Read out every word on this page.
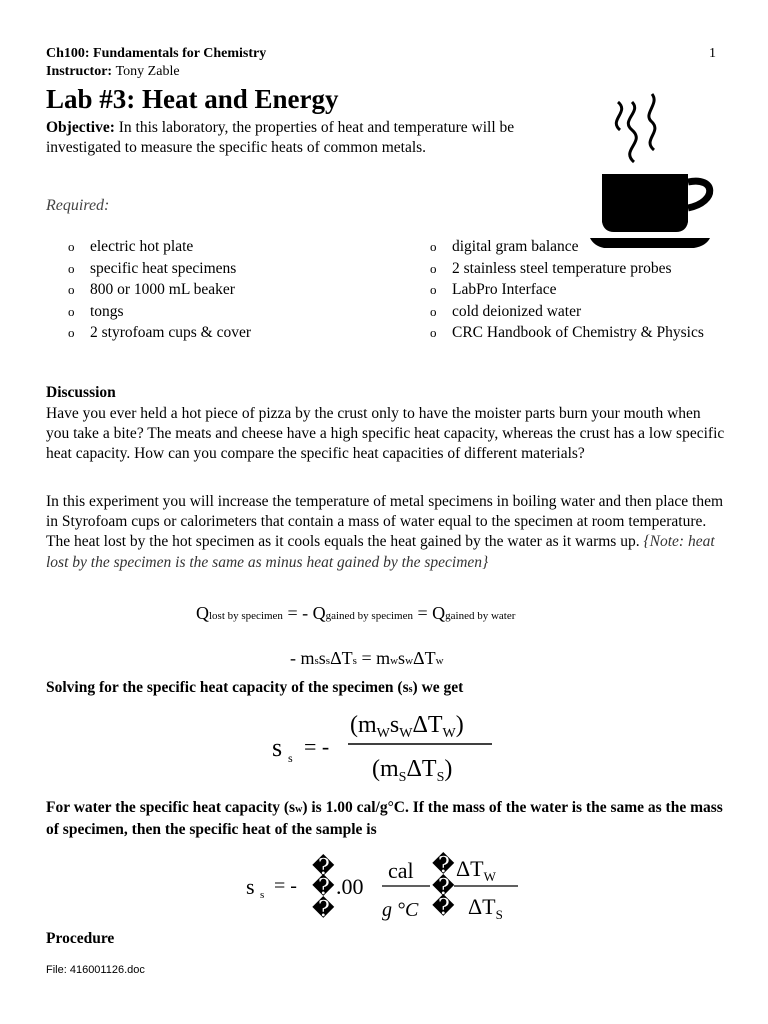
Ch100: Fundamentals for Chemistry
Instructor: Tony Zable
1
Lab #3: Heat and Energy
Objective: In this laboratory, the properties of heat and temperature will be investigated to measure the specific heats of common metals.
Required:
o electric hot plate
o specific heat specimens
o 800 or 1000 mL beaker
o tongs
o 2 styrofoam cups & cover
o digital gram balance
o 2 stainless steel temperature probes
o LabPro Interface
o cold deionized water
o CRC Handbook of Chemistry & Physics
Discussion
Have you ever held a hot piece of pizza by the crust only to have the moister parts burn your mouth when you take a bite? The meats and cheese have a high specific heat capacity, whereas the crust has a low specific heat capacity. How can you compare the specific heat capacities of different materials?
In this experiment you will increase the temperature of metal specimens in boiling water and then place them in Styrofoam cups or calorimeters that contain a mass of water equal to the specimen at room temperature. The heat lost by the hot specimen as it cools equals the heat gained by the water as it warms up. {Note: heat lost by the specimen is the same as minus heat gained by the specimen}
Qlost by specimen = - Qgained by specimen = Qgained by water
- msssΔTs = mwswΔTw
Solving for the specific heat capacity of the specimen (ss) we get
s s = -
$(m_Ws_W\Delta T_W)$
$(m_S\Delta T_S)$
For water the specific heat capacity (sw) is 1.00 cal/g°C. If the mass of the water is the same as the mass of specimen, then the specific heat of the sample is
s s = -
�
�
�
.00
cal
g °C
�
�
�
$\Delta T_W$
$\Delta T_S$
Procedure
File: 416001126.doc
